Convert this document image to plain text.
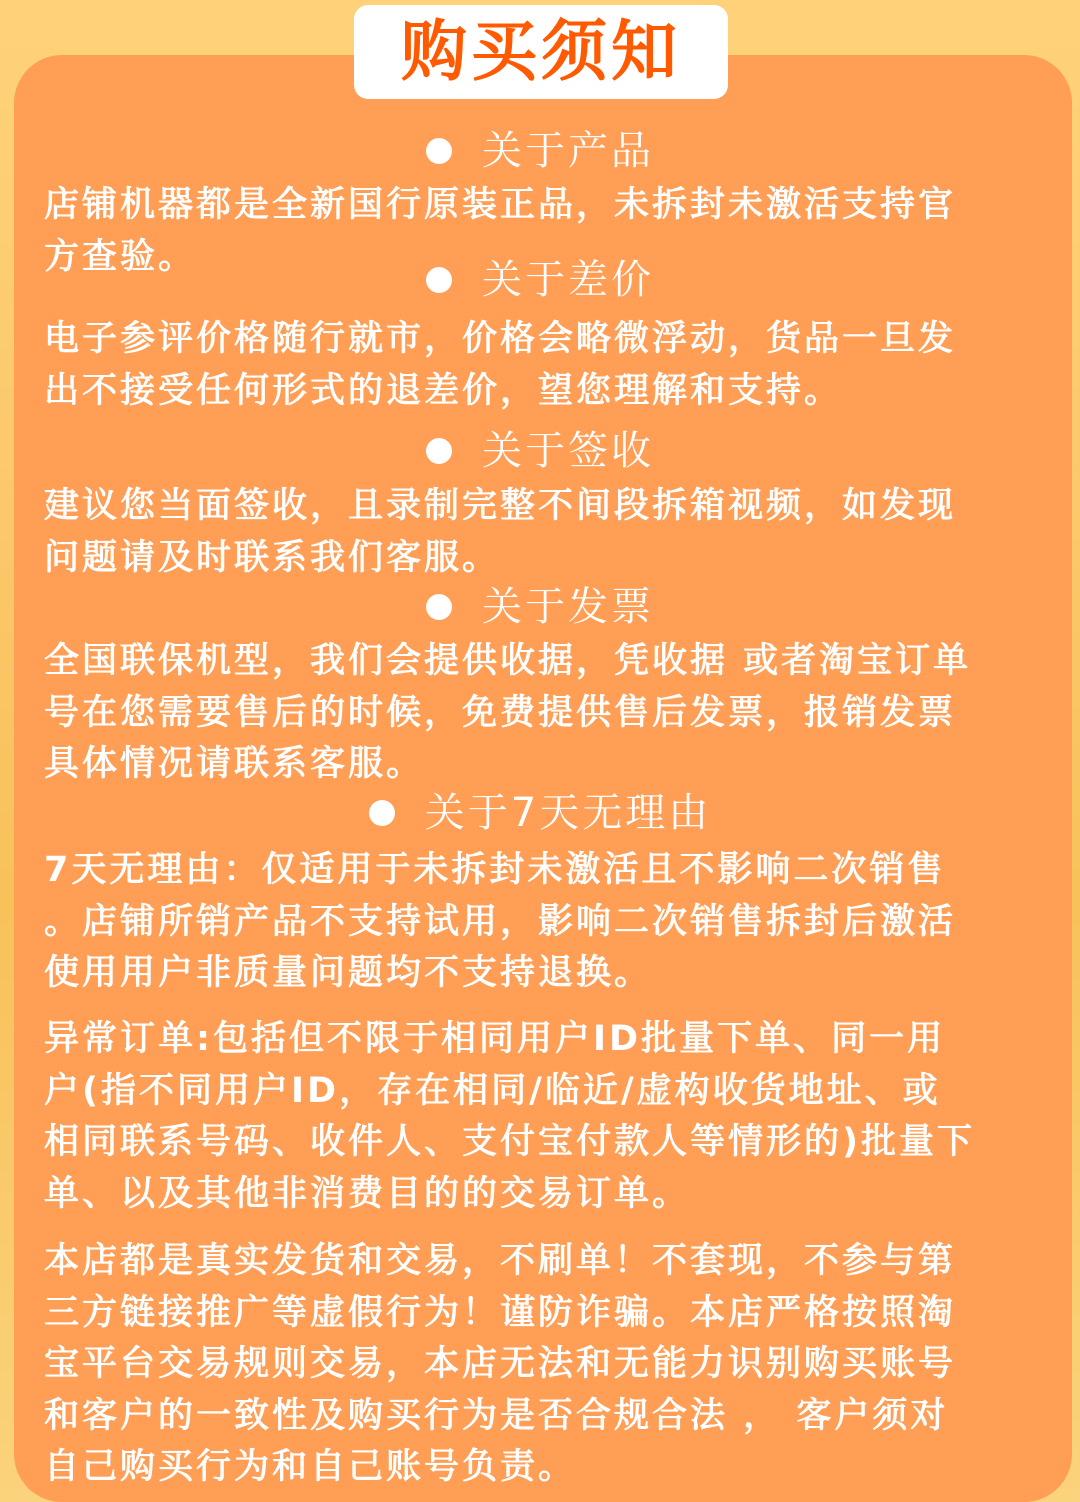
购买须知
关于产品
店铺机器都是全新国行原装正品，未拆封未激活支持官
方查验。
关于差价
电子参评价格随行就市，价格会略微浮动，货品一旦发
出不接受任何形式的退差价，望您理解和支持。
关于签收
建议您当面签收，且录制完整不间段拆箱视频，如发现
问题请及时联系我们客服。
关于发票
全国联保机型，我们会提供收据，凭收据 或者淘宝订单
号在您需要售后的时候，免费提供售后发票，报销发票
具体情况请联系客服。
关于7天无理由
7天无理由：仅适用于未拆封未激活且不影响二次销售
。店铺所销产品不支持试用，影响二次销售拆封后激活
使用用户非质量问题均不支持退换。
异常订单:包括但不限于相同用户ID批量下单、同一用
户(指不同用户ID，存在相同/临近/虚构收货地址、或
相同联系号码、收件人、支付宝付款人等情形的)批量下
单、以及其他非消费目的的交易订单。
本店都是真实发货和交易，不刷单！不套现，不参与第
三方链接推广等虚假行为！谨防诈骗。本店严格按照淘
宝平台交易规则交易，本店无法和无能力识别购买账号
和客户的一致性及购买行为是否合规合法 ， 客户须对
自己购买行为和自己账号负责。
